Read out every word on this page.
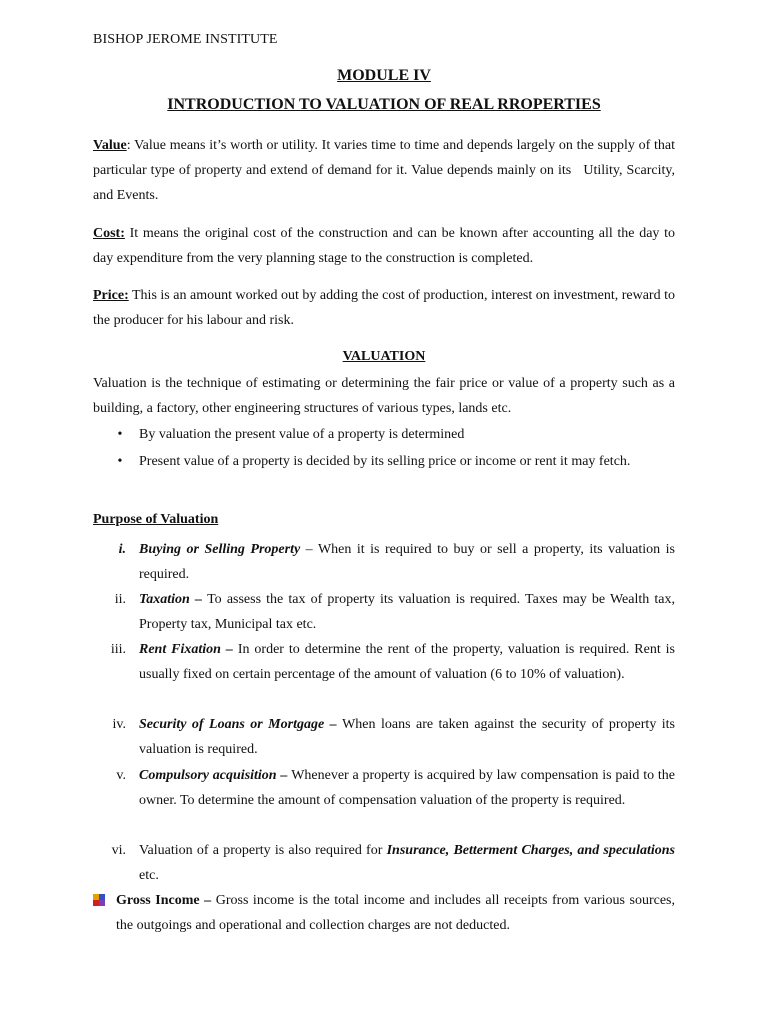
BISHOP JEROME INSTITUTE
MODULE IV
INTRODUCTION TO VALUATION OF REAL RROPERTIES
Value: Value means it’s worth or utility. It varies time to time and depends largely on the supply of that particular type of property and extend of demand for it. Value depends mainly on its   Utility, Scarcity, and Events.
Cost: It means the original cost of the construction and can be known after accounting all the day to day expenditure from the very planning stage to the construction is completed.
Price: This is an amount worked out by adding the cost of production, interest on investment, reward to the producer for his labour and risk.
VALUATION
Valuation is the technique of estimating or determining the fair price or value of a property such as a building, a factory, other engineering structures of various types, lands etc.
•	By valuation the present value of a property is determined
•	Present value of a property is decided by its selling price or income or rent it may fetch.
Purpose of Valuation
i. Buying or Selling Property – When it is required to buy or sell a property, its valuation is required.
ii. Taxation – To assess the tax of property its valuation is required. Taxes may be Wealth tax, Property tax, Municipal tax etc.
iii. Rent Fixation – In order to determine the rent of the property, valuation is required. Rent is usually fixed on certain percentage of the amount of valuation (6 to 10% of valuation).
iv. Security of Loans or Mortgage – When loans are taken against the security of property its valuation is required.
v. Compulsory acquisition – Whenever a property is acquired by law compensation is paid to the owner. To determine the amount of compensation valuation of the property is required.
vi. Valuation of a property is also required for Insurance, Betterment Charges, and speculations etc.
Gross Income – Gross income is the total income and includes all receipts from various sources, the outgoings and operational and collection charges are not deducted.
